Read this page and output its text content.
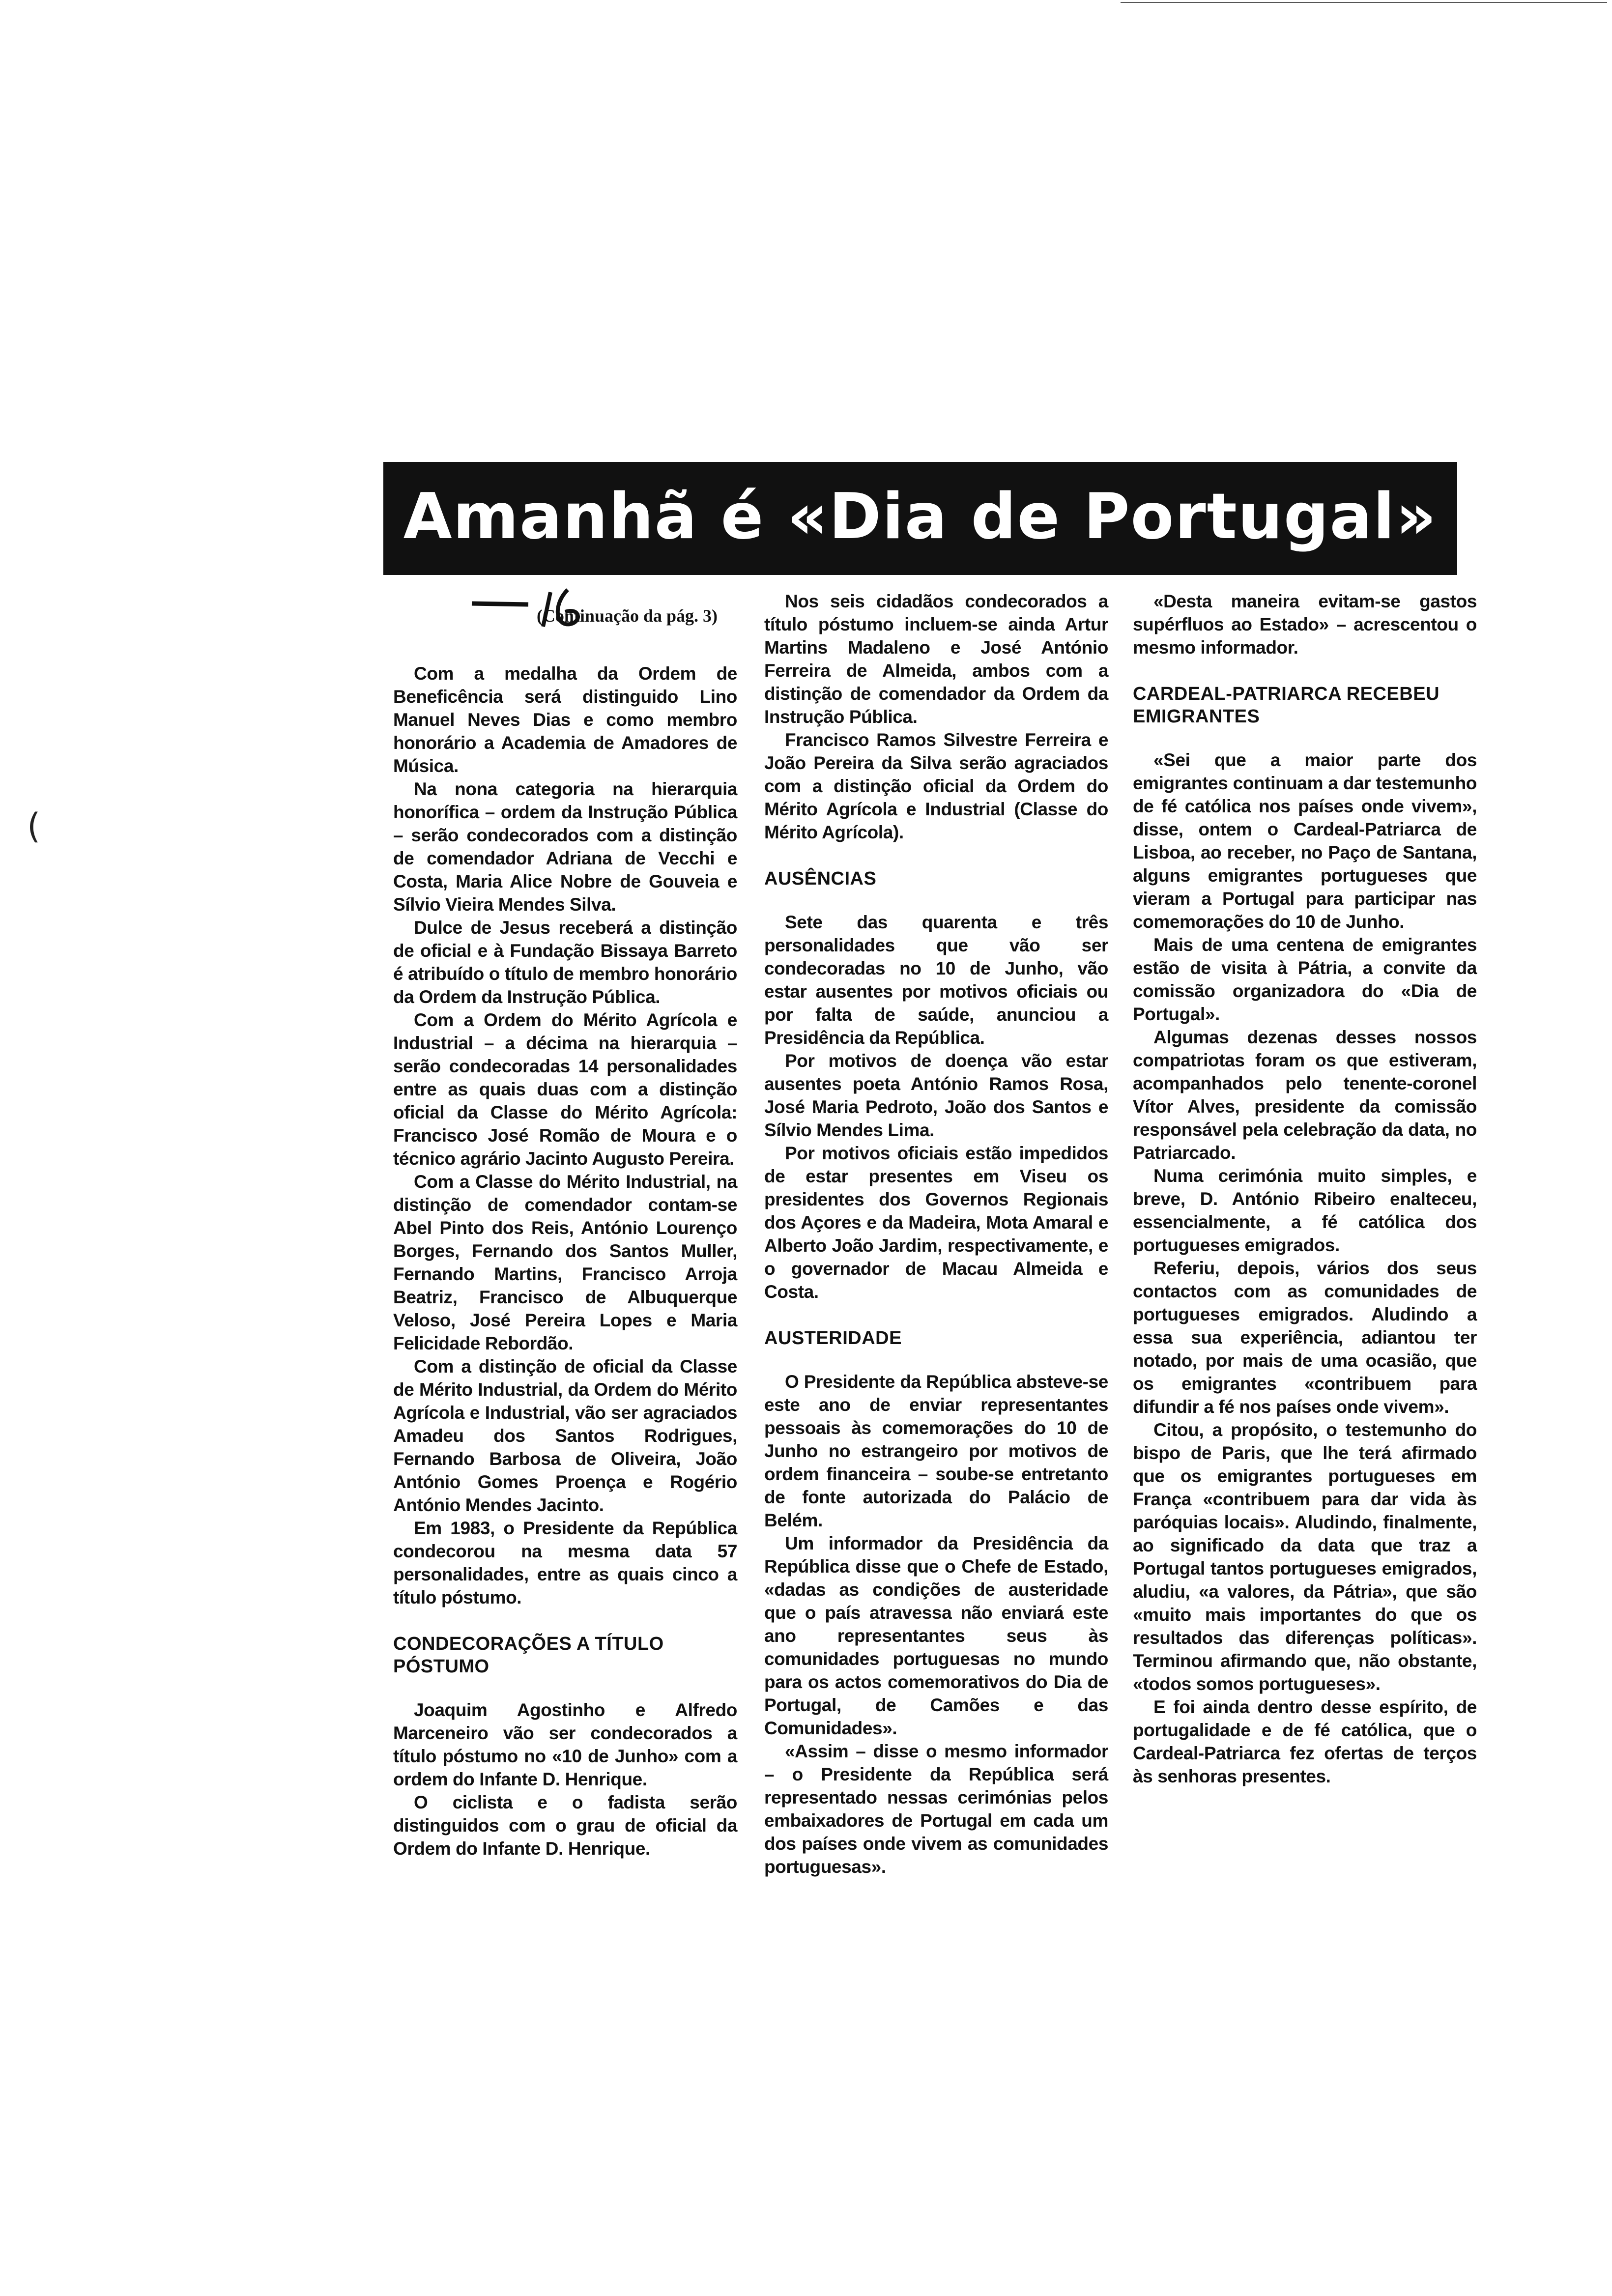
Amanhã é «Dia de Portugal»
(Continuação da pág. 3)

Com a medalha da Ordem de Beneficência será distinguido Lino Manuel Neves Dias e como membro honorário a Academia de Amadores de Música.

Na nona categoria na hierarquia honorífica – ordem da Instrução Pública – serão condecorados com a distinção de comendador Adriana de Vecchi e Costa, Maria Alice Nobre de Gouveia e Sílvio Vieira Mendes Silva.

Dulce de Jesus receberá a distinção de oficial e à Fundação Bissaya Barreto é atribuído o título de membro honorário da Ordem da Instrução Pública.

Com a Ordem do Mérito Agrícola e Industrial – a décima na hierarquia – serão condecoradas 14 personalidades entre as quais duas com a distinção oficial da Classe do Mérito Agrícola: Francisco José Romão de Moura e o técnico agrário Jacinto Augusto Pereira.

Com a Classe do Mérito Industrial, na distinção de comendador contam-se Abel Pinto dos Reis, António Lourenço Borges, Fernando dos Santos Muller, Fernando Martins, Francisco Arroja Beatriz, Francisco de Albuquerque Veloso, José Pereira Lopes e Maria Felicidade Rebordão.

Com a distinção de oficial da Classe de Mérito Industrial, da Ordem do Mérito Agrícola e Industrial, vão ser agraciados Amadeu dos Santos Rodrigues, Fernando Barbosa de Oliveira, João António Gomes Proença e Rogério António Mendes Jacinto.

Em 1983, o Presidente da República condecorou na mesma data 57 personalidades, entre as quais cinco a título póstumo.

CONDECORAÇÕES A TÍTULO PÓSTUMO

Joaquim Agostinho e Alfredo Marceneiro vão ser condecorados a título póstumo no «10 de Junho» com a ordem do Infante D. Henrique.

O ciclista e o fadista serão distinguidos com o grau de oficial da Ordem do Infante D. Henrique.

Nos seis cidadãos condecorados a título póstumo incluem-se ainda Artur Martins Madaleno e José António Ferreira de Almeida, ambos com a distinção de comendador da Ordem da Instrução Pública.

Francisco Ramos Silvestre Ferreira e João Pereira da Silva serão agraciados com a distinção oficial da Ordem do Mérito Agrícola e Industrial (Classe do Mérito Agrícola).

AUSÊNCIAS

Sete das quarenta e três personalidades que vão ser condecoradas no 10 de Junho, vão estar ausentes por motivos oficiais ou por falta de saúde, anunciou a Presidência da República.

Por motivos de doença vão estar ausentes poeta António Ramos Rosa, José Maria Pedroto, João dos Santos e Sílvio Mendes Lima.

Por motivos oficiais estão impedidos de estar presentes em Viseu os presidentes dos Governos Regionais dos Açores e da Madeira, Mota Amaral e Alberto João Jardim, respectivamente, e o governador de Macau Almeida e Costa.

AUSTERIDADE

O Presidente da República absteve-se este ano de enviar representantes pessoais às comemorações do 10 de Junho no estrangeiro por motivos de ordem financeira – soube-se entretanto de fonte autorizada do Palácio de Belém.

Um informador da Presidência da República disse que o Chefe de Estado, «dadas as condições de austeridade que o país atravessa não enviará este ano representantes seus às comunidades portuguesas no mundo para os actos comemorativos do Dia de Portugal, de Camões e das Comunidades».

«Assim – disse o mesmo informador – o Presidente da República será representado nessas cerimónias pelos embaixadores de Portugal em cada um dos países onde vivem as comunidades portuguesas».

«Desta maneira evitam-se gastos supérfluos ao Estado» – acrescentou o mesmo informador.

CARDEAL-PATRIARCA RECEBEU EMIGRANTES

«Sei que a maior parte dos emigrantes continuam a dar testemunho de fé católica nos países onde vivem», disse, ontem o Cardeal-Patriarca de Lisboa, ao receber, no Paço de Santana, alguns emigrantes portugueses que vieram a Portugal para participar nas comemorações do 10 de Junho.

Mais de uma centena de emigrantes estão de visita à Pátria, a convite da comissão organizadora do «Dia de Portugal».

Algumas dezenas desses nossos compatriotas foram os que estiveram, acompanhados pelo tenente-coronel Vítor Alves, presidente da comissão responsável pela celebração da data, no Patriarcado.

Numa cerimónia muito simples, e breve, D. António Ribeiro enalteceu, essencialmente, a fé católica dos portugueses emigrados.

Referiu, depois, vários dos seus contactos com as comunidades de portugueses emigrados. Aludindo a essa sua experiência, adiantou ter notado, por mais de uma ocasião, que os emigrantes «contribuem para difundir a fé nos países onde vivem».

Citou, a propósito, o testemunho do bispo de Paris, que lhe terá afirmado que os emigrantes portugueses em França «contribuem para dar vida às paróquias locais». Aludindo, finalmente, ao significado da data que traz a Portugal tantos portugueses emigrados, aludiu, «a valores, da Pátria», que são «muito mais importantes do que os resultados das diferenças políticas». Terminou afirmando que, não obstante, «todos somos portugueses».

E foi ainda dentro desse espírito, de portugalidade e de fé católica, que o Cardeal-Patriarca fez ofertas de terços às senhoras presentes.

(
